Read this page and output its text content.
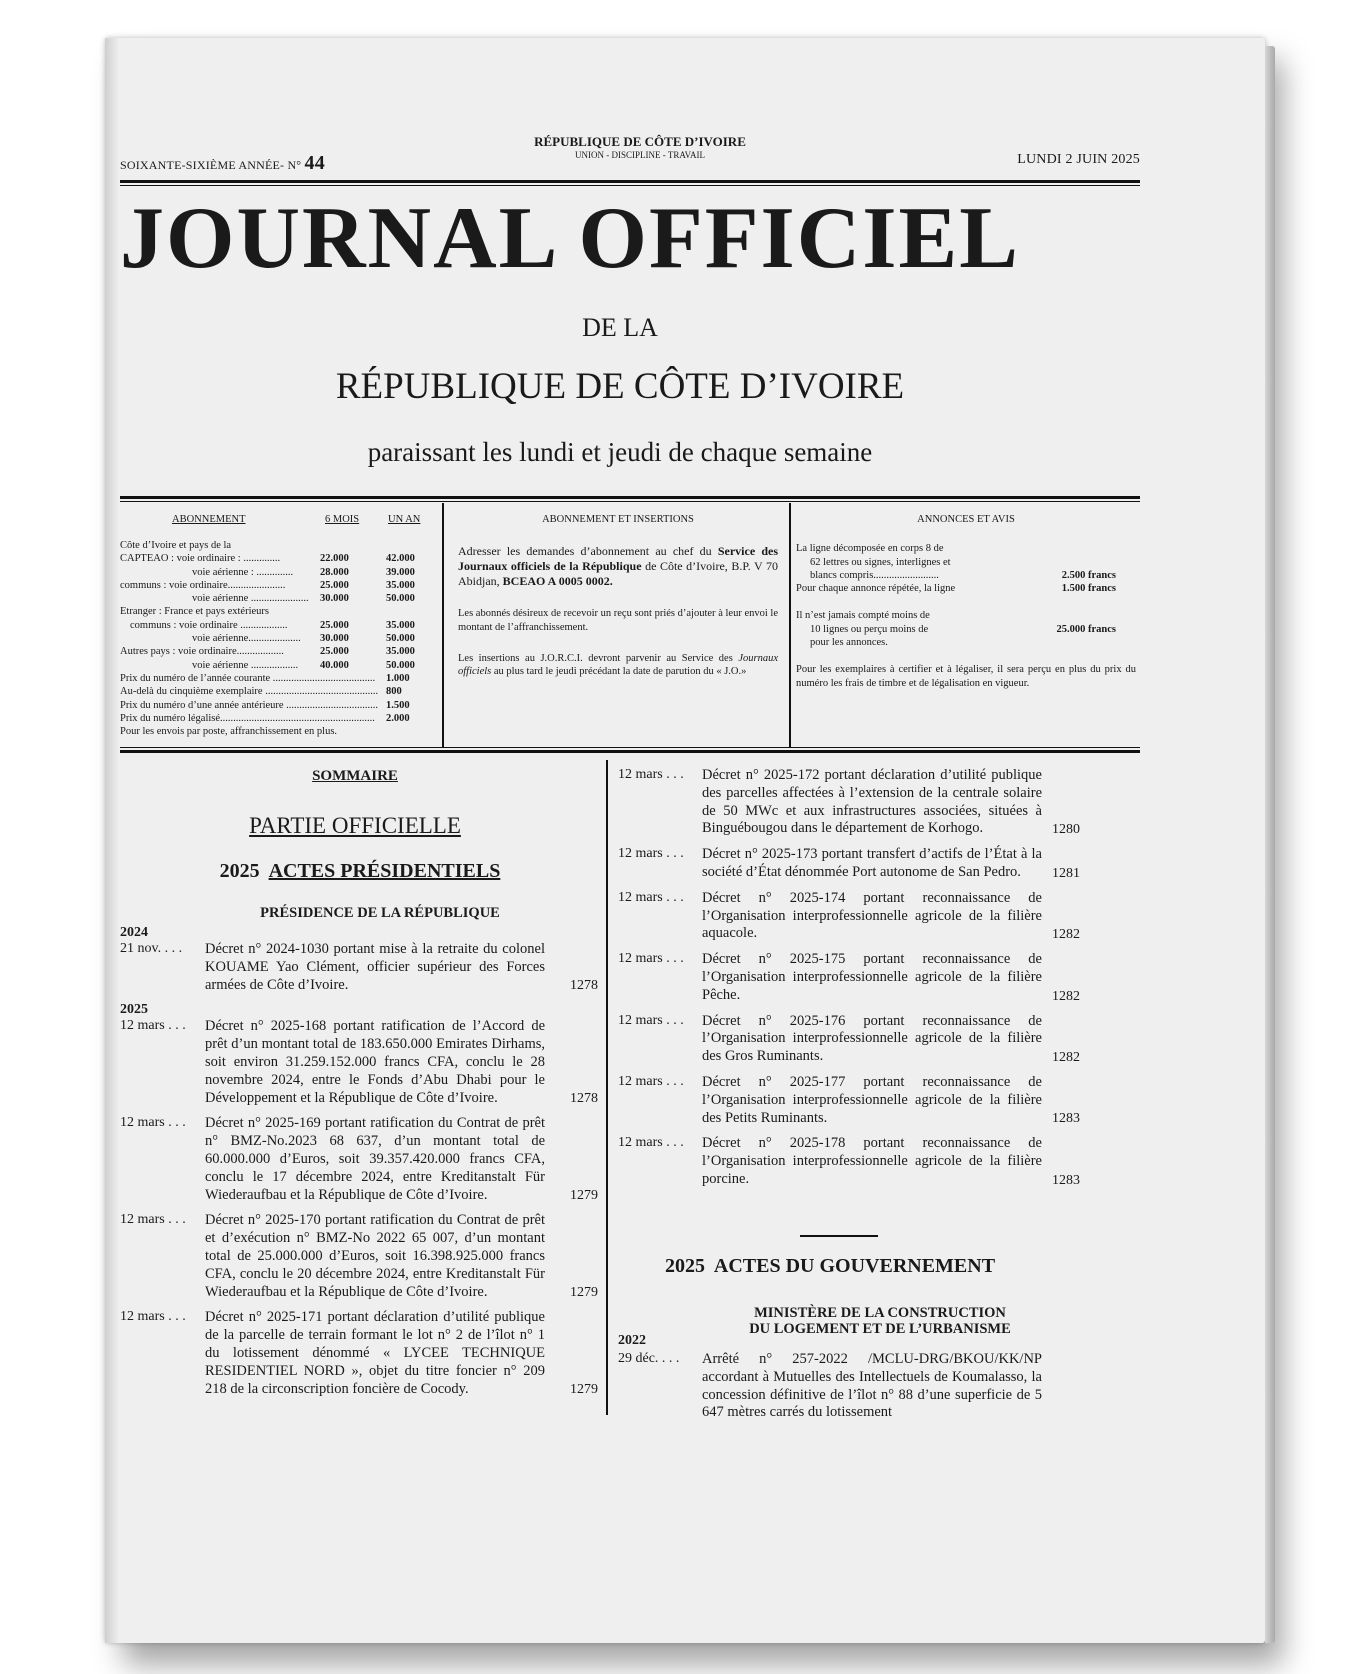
SOIXANTE-SIXIÈME ANNÉE- N° 44
RÉPUBLIQUE DE CÔTE D’IVOIRE
UNION - DISCIPLINE - TRAVAIL	LUNDI 2 JUIN 2025
JOURNAL OFFICIEL
DE LA
RÉPUBLIQUE DE CÔTE D’IVOIRE
paraissant les lundi et jeudi de chaque semaine
ABONNEMENT	6 MOIS	UN AN
Côte d’Ivoire et pays de la
CAPTEAO : voie ordinaire : ..............	22.000	42.000
voie aérienne : ..............	28.000	39.000
communs : voie ordinaire......................	25.000	35.000
voie aérienne ...................... 30.000	50.000
Etranger : France et pays extérieurs
communs : voie ordinaire ..................	25.000	35.000
voie aérienne.................... 30.000	50.000
Autres pays : voie ordinaire..................	25.000	35.000
voie aérienne .................. 40.000	50.000
Prix du numéro de l’année courante ....................................... 1.000
Au-delà du cinquième exemplaire ........................................... 800
Prix du numéro d’une année antérieure ................................... 1.500
Prix du numéro légalisé........................................................... 2.000
Pour les envois par poste, affranchissement en plus.
ABONNEMENT ET INSERTIONS
Adresser les demandes d’abonnement au chef du Service des Journaux officiels de la République de Côte d’Ivoire, B.P. V 70 Abidjan, BCEAO A 0005 0002.
Les abonnés désireux de recevoir un reçu sont priés d’ajouter à leur envoi le montant de l’affranchissement.
Les insertions au J.O.R.C.I. devront parvenir au Service des Journaux officiels au plus tard le jeudi précédant la date de parution du « J.O.»
ANNONCES ET AVIS
La ligne décomposée en corps 8 de
62 lettres ou signes, interlignes et
blancs compris.........................	2.500 francs
Pour chaque annonce répétée, la ligne	1.500 francs
Il n’est jamais compté moins de
10 lignes ou perçu moins de	25.000 francs
pour les annonces.
Pour les exemplaires à certifier et à légaliser, il sera perçu en plus du prix du numéro les frais de timbre et de légalisation en vigueur.
SOMMAIRE
PARTIE OFFICIELLE
2025 ACTES PRÉSIDENTIELS
PRÉSIDENCE DE LA RÉPUBLIQUE
2024
21 nov. . . . Décret n° 2024-1030 portant mise à la retraite du colonel KOUAME Yao Clément, officier supérieur des Forces armées de Côte d’Ivoire.	1278
2025
12 mars . . . Décret n° 2025-168 portant ratification de l’Accord de prêt d’un montant total de 183.650.000 Emirates Dirhams, soit environ 31.259.152.000 francs CFA, conclu le 28 novembre 2024, entre le Fonds d’Abu Dhabi pour le Développement et la République de Côte d’Ivoire.	1278
12 mars . . . Décret n° 2025-169 portant ratification du Contrat de prêt n° BMZ-No.2023 68 637, d’un montant total de 60.000.000 d’Euros, soit 39.357.420.000 francs CFA, conclu le 17 décembre 2024, entre Kreditanstalt Für Wiederaufbau et la République de Côte d’Ivoire.	1279
12 mars . . . Décret n° 2025-170 portant ratification du Contrat de prêt et d’exécution n° BMZ-No 2022 65 007, d’un montant total de 25.000.000 d’Euros, soit 16.398.925.000 francs CFA, conclu le 20 décembre 2024, entre Kreditanstalt Für Wiederaufbau et la République de Côte d’Ivoire.	1279
12 mars . . . Décret n° 2025-171 portant déclaration d’utilité publique de la parcelle de terrain formant le lot n° 2 de l’îlot n° 1 du lotissement dénommé « LYCEE TECHNIQUE RESIDENTIEL NORD », objet du titre foncier n° 209 218 de la circonscription foncière de Cocody.	1279
12 mars . . . Décret n° 2025-172 portant déclaration d’utilité publique des parcelles affectées à l’extension de la centrale solaire de 50 MWc et aux infrastructures associées, situées à Binguébougou dans le département de Korhogo.	1280
12 mars . . . Décret n° 2025-173 portant transfert d’actifs de l’État à la société d’État dénommée Port autonome de San Pedro.	1281
12 mars . . . Décret n° 2025-174 portant reconnaissance de l’Organisation interprofessionnelle agricole de la filière aquacole.	1282
12 mars . . . Décret n° 2025-175 portant reconnaissance de l’Organisation interprofessionnelle agricole de la filière Pêche.	1282
12 mars . . . Décret n° 2025-176 portant reconnaissance de l’Organisation interprofessionnelle agricole de la filière des Gros Ruminants.	1282
12 mars . . . Décret n° 2025-177 portant reconnaissance de l’Organisation interprofessionnelle agricole de la filière des Petits Ruminants.	1283
12 mars . . . Décret n° 2025-178 portant reconnaissance de l’Organisation interprofessionnelle agricole de la filière porcine.	1283
2025 ACTES DU GOUVERNEMENT
MINISTÈRE DE LA CONSTRUCTION
DU LOGEMENT ET DE L’URBANISME
2022
29 déc. . . . Arrêté n° 257-2022 /MCLU-DRG/BKOU/KK/NP accordant à Mutuelles des Intellectuels de Koumalasso, la concession définitive de l’îlot n° 88 d’une superficie de 5 647 mètres carrés du lotissement
